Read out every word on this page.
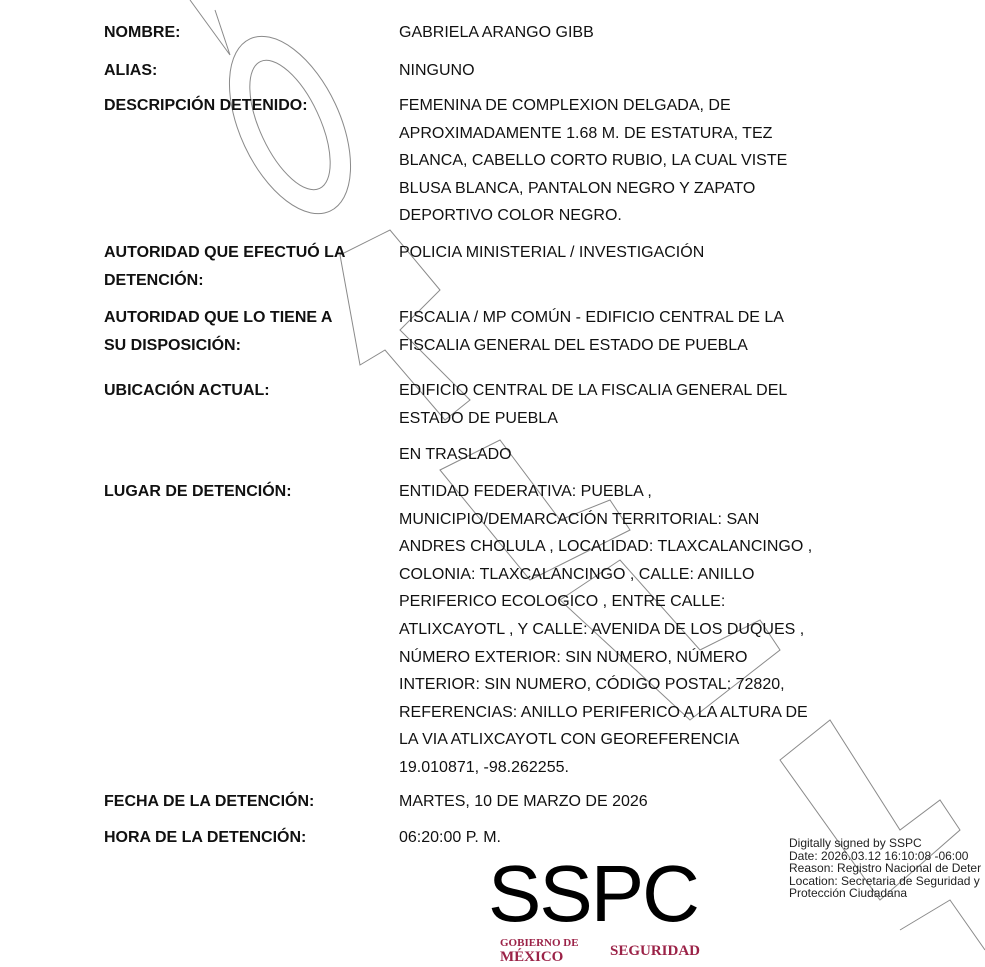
NOMBRE:	GABRIELA ARANGO GIBB
ALIAS:	NINGUNO
DESCRIPCIÓN DETENIDO:	FEMENINA DE COMPLEXION DELGADA, DE
APROXIMADAMENTE 1.68 M. DE ESTATURA, TEZ
BLANCA, CABELLO CORTO RUBIO, LA CUAL VISTE
BLUSA BLANCA, PANTALON NEGRO Y ZAPATO
DEPORTIVO COLOR NEGRO.
AUTORIDAD QUE EFECTUÓ LA
DETENCIÓN:
POLICIA MINISTERIAL / INVESTIGACIÓN
AUTORIDAD QUE LO TIENE A
SU DISPOSICIÓN:
FISCALIA / MP COMÚN - EDIFICIO CENTRAL DE LA
FISCALIA GENERAL DEL ESTADO DE PUEBLA
UBICACIÓN ACTUAL:	EDIFICIO CENTRAL DE LA FISCALIA GENERAL DEL
ESTADO DE PUEBLA
EN TRASLADO
LUGAR DE DETENCIÓN:	ENTIDAD FEDERATIVA: PUEBLA ,
MUNICIPIO/DEMARCACIÓN TERRITORIAL: SAN
ANDRES CHOLULA , LOCALIDAD: TLAXCALANCINGO ,
COLONIA: TLAXCALANCINGO , CALLE: ANILLO
PERIFERICO ECOLOGICO , ENTRE CALLE:
ATLIXCAYOTL , Y CALLE: AVENIDA DE LOS DUQUES ,
NÚMERO EXTERIOR: SIN NUMERO, NÚMERO
INTERIOR: SIN NUMERO, CÓDIGO POSTAL: 72820,
REFERENCIAS: ANILLO PERIFERICO A LA ALTURA DE
LA VIA ATLIXCAYOTL CON GEOREFERENCIA
19.010871, -98.262255.
FECHA DE LA DETENCIÓN:	MARTES, 10 DE MARZO DE 2026
HORA DE LA DETENCIÓN:	06:20:00 P. M.
GOBIERNO DE
MÉXICO	SEGURIDAD
SSPC
Digitally signed by SSPC
Date: 2026.03.12 16:10:08 -06:00
Reason: Registro Nacional de Deter
Location: Secretaria de Seguridad y
Protección Ciudadana
